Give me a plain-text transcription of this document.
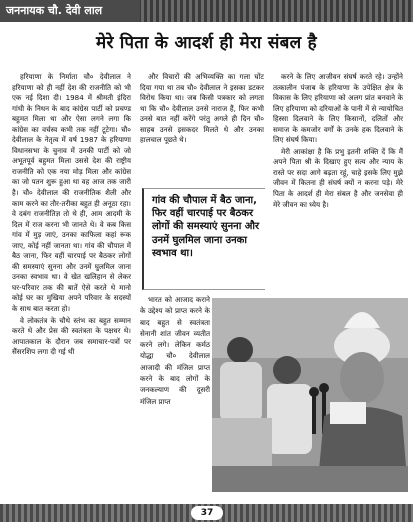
जननायक चौ. देवी लाल
मेरे पिता के आदर्श ही मेरा संबल है

हरियाणा के निर्माता चौ० देवीलाल ने हरियाणा को ही नहीं देश की राजनीति को भी एक नई दिशा दी। 1984 में श्रीमती इंदिरा गांधी के निधन के बाद कांग्रेस पार्टी को प्रचण्ड बहुमत मिला था और ऐसा लगने लगा कि कांग्रेस का वर्चस्व कभी तक नहीं टूटेगा। चौ० देवीलाल के नेतृत्व में वर्ष 1987 के हरियाणा विधानसभा के चुनाव में उनकी पार्टी को जो अभूतपूर्व बहुमत मिला उससे देश की राष्ट्रीय राजनीति को एक नया मोड़ मिला और कांग्रेस का जो पतन शुरू हुआ था वह आज तक जारी है। चौ० देवीलाल की राजनीतिक शैली और काम करने का तौर-तरीका बहुत ही अनूठा रहा। वे दबंग राजनीतिज्ञ तो थे ही, आम आदमी के दिल में राज करना भी जानते थे। वे कब किस गांव में मुड़ जाएं, उनका काफिला कहां रूक जाए, कोई नहीं जानता था। गांव की चौपाल में बैठ जाना, फिर वहीं चारपाई पर बैठकर लोगों की समस्याएं सुनना और उनमें घुलमिल जाना उनका स्वभाव था। वे खेत खलिहान से लेकर घर-परिवार तक की बातें ऐसे करते थे मानो कोई घर का मुखिया अपने परिवार के सदस्यों के साथ बात करता हो।

वे लोकतंत्र के चौथे स्तंभ का बहुत सम्मान करते थे और प्रेस की स्वतंत्रता के पक्षधर थे। आपातकाल के दौरान जब समाचार-पत्रों पर सैंसरशिप लगा दी गई थी

और विचारों की अभिव्यक्ति का गला घोंट दिया गया था तब चौ० देवीलाल ने इसका डटकर विरोध किया था। जब किसी पत्रकार को लगता था कि चौ० देवीलाल उनसे नाराज हैं, फिर कभी उनसे बात नहीं करेंगे परंतु अगले ही दिन चौ० साहब उनसे इसकदर मिलते थे और उनका हालचाल पूछते थे।

गांव की चौपाल में बैठ जाना, फिर वहीं चारपाई पर बैठकर लोगों की समस्याएं सुनना और उनमें घुलमिल जाना उनका स्वभाव था।

करने के लिए आजीवन संघर्ष करते रहे। उन्होंने तत्कालीन पंजाब के हरियाणा के उपेक्षित क्षेत्र के विकास के लिए हरियाणा को अलग प्रांत बनवाने के लिए हरियाणा को दरियाओं के पानी में से न्यायोचित हिस्सा दिलवाने के लिए किसानों, दलितों और समाज के कमजोर वर्गों के उनके हक दिलवाने के लिए संघर्ष किया।

मेरी आकांक्षा है कि प्रभु इतनी शक्ति दें कि मैं अपने पिता श्री के दिखाए हुए सत्य और न्याय के रास्ते पर सदा आगे बढ़ता रहूं, चाहे इसके लिए मुझे जीवन में कितना ही संघर्ष क्यों न करना पड़े। मेरे पिता के आदर्श ही मेरा संबल है और जनसेवा ही मेरे जीवन का ध्येय है।

भारत को आजाद कराने के उद्देश्य को प्राप्त करने के बाद बहुत से स्वतंत्रता सेनानी शांत जीवन व्यतीत करने लगे। लेकिन कर्मठ योद्धा चौ० देवीलाल आजादी की मंजिल प्राप्त करने के बाद लोगों के जनकल्याण की दूसरी मंजिल प्राप्त

37
